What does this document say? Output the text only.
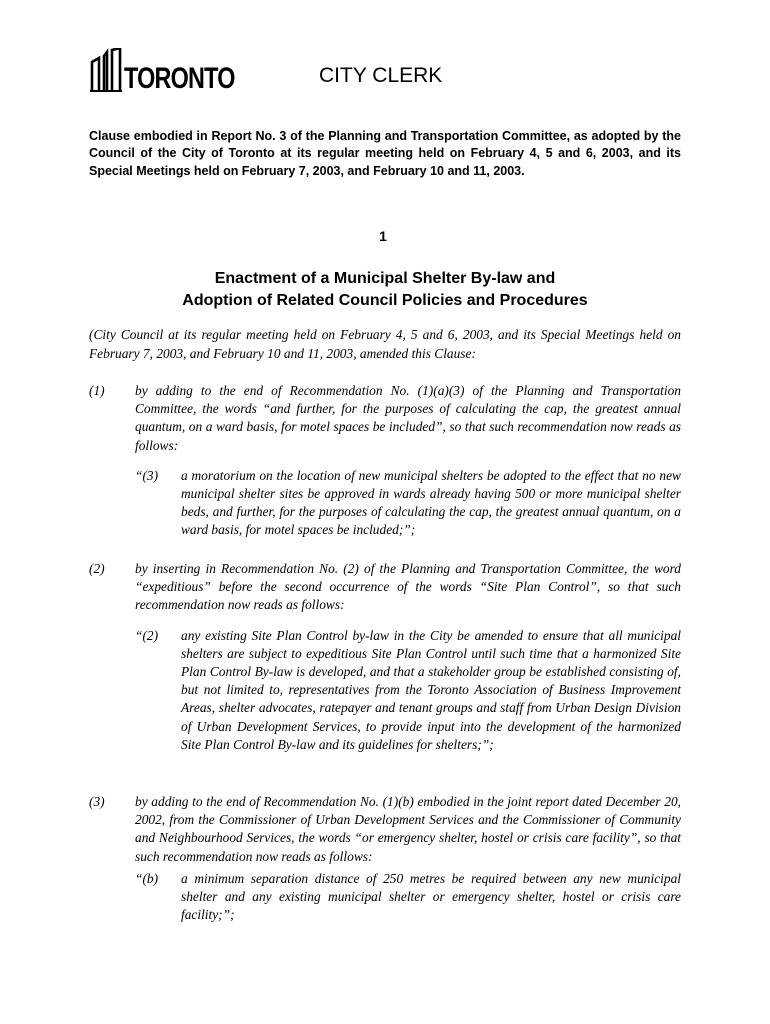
TORONTO	CITY CLERK
Clause embodied in Report No. 3 of the Planning and Transportation Committee, as adopted by the Council of the City of Toronto at its regular meeting held on February 4, 5 and 6, 2003, and its Special Meetings held on February 7, 2003, and February 10 and 11, 2003.
1
Enactment of a Municipal Shelter By-law and
Adoption of Related Council Policies and Procedures
(City Council at its regular meeting held on February 4, 5 and 6, 2003, and its Special Meetings held on February 7, 2003, and February 10 and 11, 2003, amended this Clause:
(1) by adding to the end of Recommendation No. (1)(a)(3) of the Planning and Transportation Committee, the words “and further, for the purposes of calculating the cap, the greatest annual quantum, on a ward basis, for motel spaces be included”, so that such recommendation now reads as follows:
“(3) a moratorium on the location of new municipal shelters be adopted to the effect that no new municipal shelter sites be approved in wards already having 500 or more municipal shelter beds, and further, for the purposes of calculating the cap, the greatest annual quantum, on a ward basis, for motel spaces be included;”;
(2) by inserting in Recommendation No. (2) of the Planning and Transportation Committee, the word “expeditious” before the second occurrence of the words “Site Plan Control”, so that such recommendation now reads as follows:
“(2) any existing Site Plan Control by-law in the City be amended to ensure that all municipal shelters are subject to expeditious Site Plan Control until such time that a harmonized Site Plan Control By-law is developed, and that a stakeholder group be established consisting of, but not limited to, representatives from the Toronto Association of Business Improvement Areas, shelter advocates, ratepayer and tenant groups and staff from Urban Design Division of Urban Development Services, to provide input into the development of the harmonized Site Plan Control By-law and its guidelines for shelters;”;
(3) by adding to the end of Recommendation No. (1)(b) embodied in the joint report dated December 20, 2002, from the Commissioner of Urban Development Services and the Commissioner of Community and Neighbourhood Services, the words “or emergency shelter, hostel or crisis care facility”, so that such recommendation now reads as follows:
“(b) a minimum separation distance of 250 metres be required between any new municipal shelter and any existing municipal shelter or emergency shelter, hostel or crisis care facility;”;
